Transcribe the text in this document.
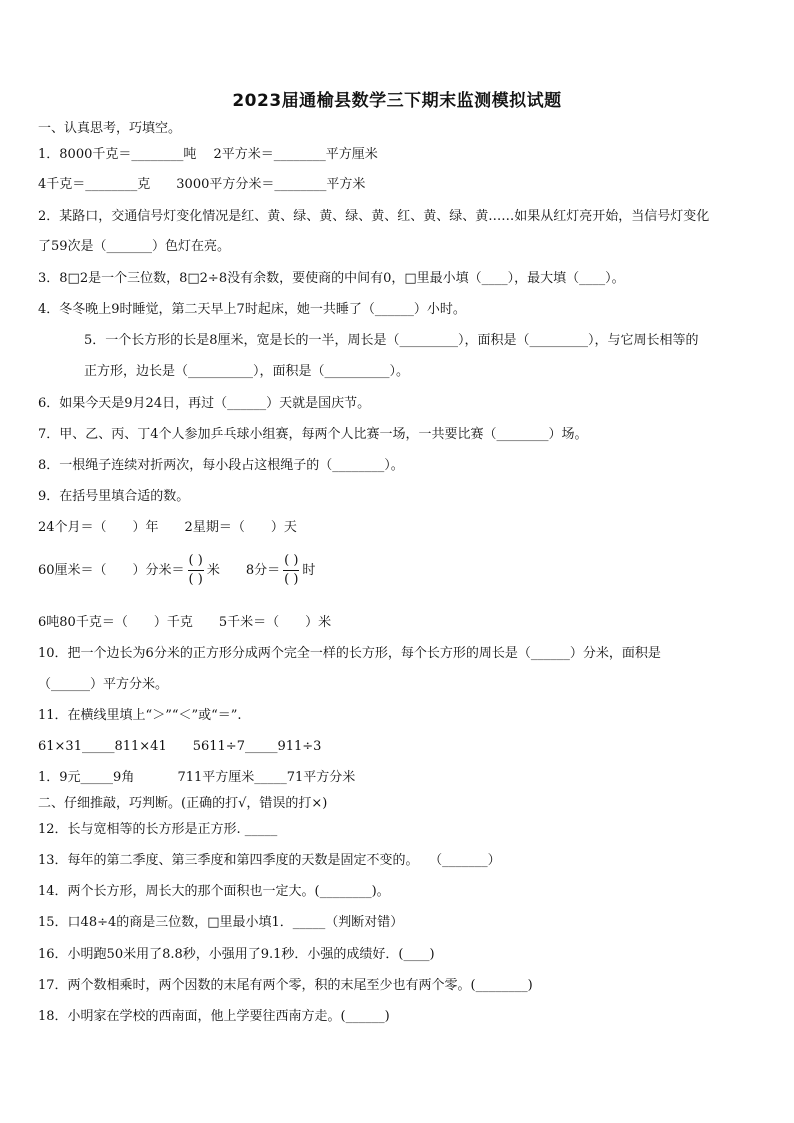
2023届通榆县数学三下期末监测模拟试题
一、认真思考，巧填空。
1．8000千克＝________吨　 2平方米＝________平方厘米
4千克＝________克　　3000平方分米＝________平方米
2．某路口，交通信号灯变化情况是红、黄、绿、黄、绿、黄、红、黄、绿、黄……如果从红灯亮开始，当信号灯变化
了59次是（_______）色灯在亮。
3．8□2是一个三位数，8□2÷8没有余数，要使商的中间有0，□里最小填（____），最大填（____）。
4．冬冬晚上9时睡觉，第二天早上7时起床，她一共睡了（______）小时。
5．一个长方形的长是8厘米，宽是长的一半，周长是（_________），面积是（_________），与它周长相等的
正方形，边长是（__________），面积是（__________）。
6．如果今天是9月24日，再过（______）天就是国庆节。
7．甲、乙、丙、丁4个人参加乒乓球小组赛，每两个人比赛一场，一共要比赛（________）场。
8．一根绳子连续对折两次，每小段占这根绳子的（________）。
9．在括号里填合适的数。
24个月＝（　　）年　　2星期＝（　　）天
60厘米＝（　　）分米＝ $\frac{( )}{( )}$ 米　　8分＝ $\frac{( )}{( )}$ 时
6吨80千克＝（　　）千克　　5千米＝（　　）米
10．把一个边长为6分米的正方形分成两个完全一样的长方形，每个长方形的周长是（______）分米，面积是
（______）平方分米。
11．在横线里填上“＞”“＜”或“＝”.
61×31_____811×41　　5611÷7_____911÷3
1．9元_____9角　　　 711平方厘米_____71平方分米
二、仔细推敲，巧判断。(正确的打√，错误的打×)
12．长与宽相等的长方形是正方形. _____
13．每年的第二季度、第三季度和第四季度的天数是固定不变的。　 （_______）
14．两个长方形，周长大的那个面积也一定大。(________)。
15．口48÷4的商是三位数，□里最小填1．_____（判断对错）
16．小明跑50米用了8.8秒，小强用了9.1秒．小强的成绩好．(____)
17．两个数相乘时，两个因数的末尾有两个零，积的末尾至少也有两个零。(________)
18．小明家在学校的西南面，他上学要往西南方走。(______)
